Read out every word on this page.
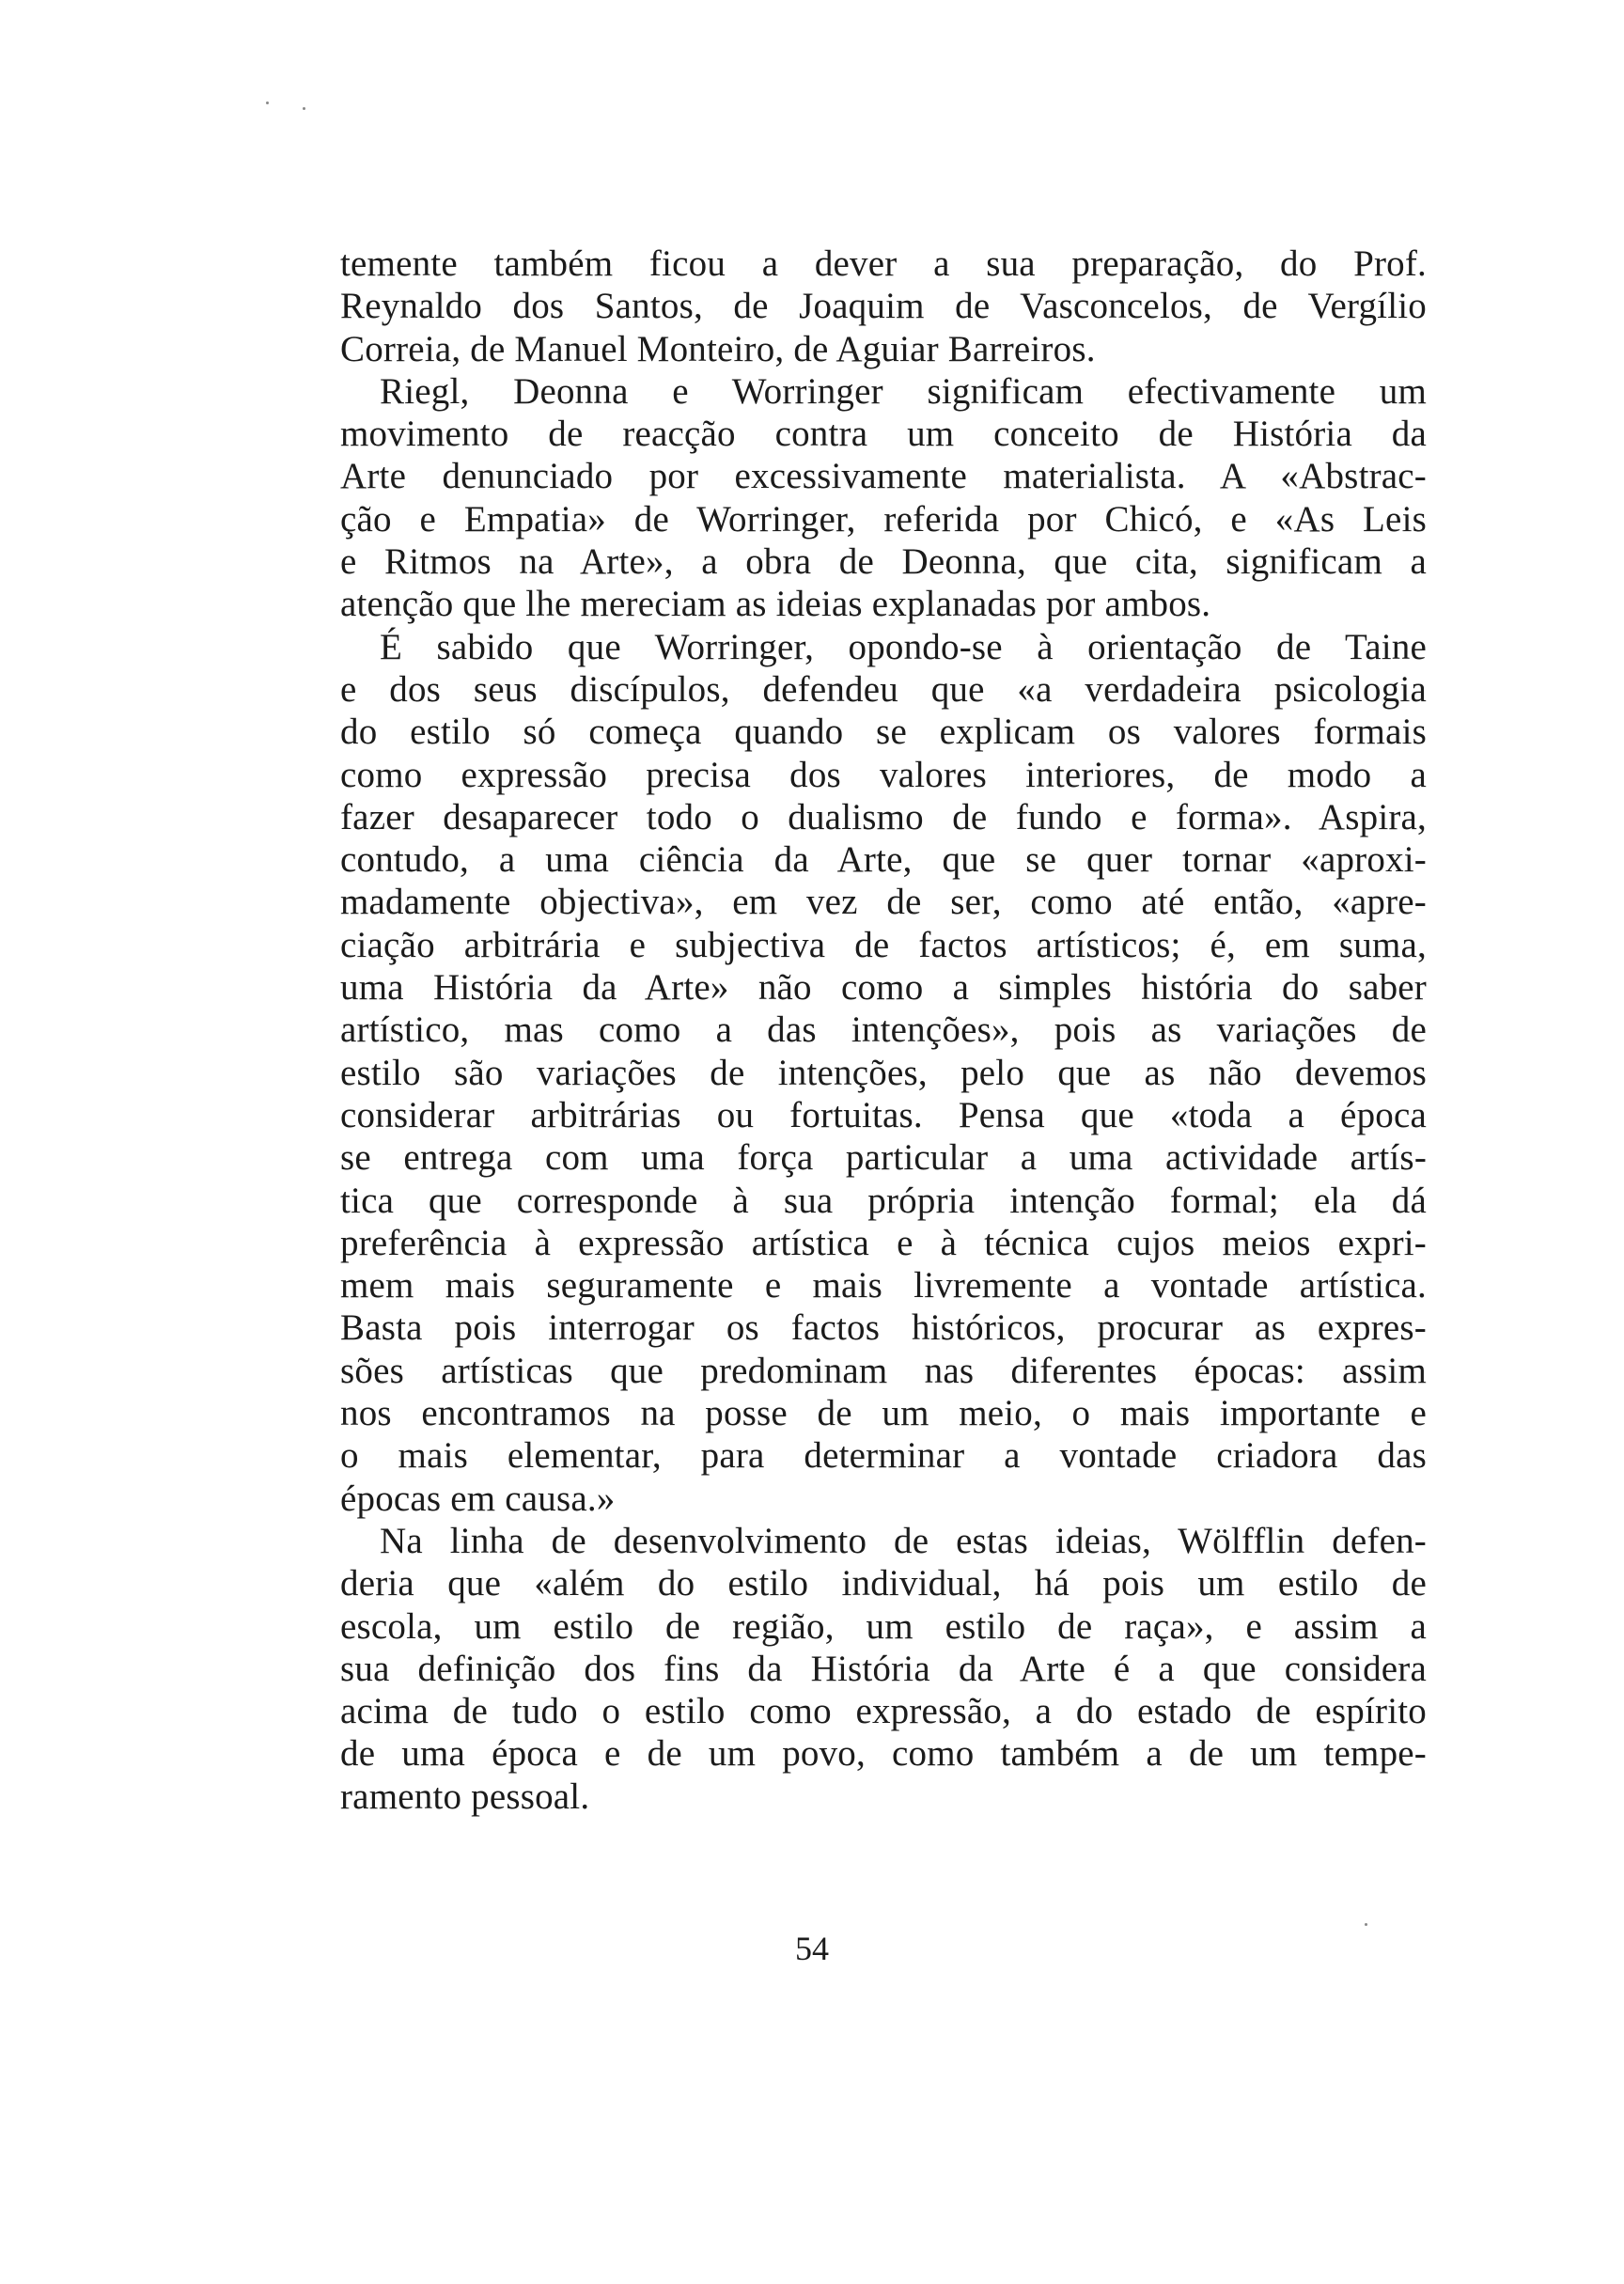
temente também ficou a dever a sua preparação, do Prof.
Reynaldo dos Santos, de Joaquim de Vasconcelos, de Vergílio
Correia, de Manuel Monteiro, de Aguiar Barreiros.
Riegl, Deonna e Worringer significam efectivamente um
movimento de reacção contra um conceito de História da
Arte denunciado por excessivamente materialista. A «Abstrac-
ção e Empatia» de Worringer, referida por Chicó, e «As Leis
e Ritmos na Arte», a obra de Deonna, que cita, significam a
atenção que lhe mereciam as ideias explanadas por ambos.
É sabido que Worringer, opondo-se à orientação de Taine
e dos seus discípulos, defendeu que «a verdadeira psicologia
do estilo só começa quando se explicam os valores formais
como expressão precisa dos valores interiores, de modo a
fazer desaparecer todo o dualismo de fundo e forma». Aspira,
contudo, a uma ciência da Arte, que se quer tornar «aproxi-
madamente objectiva», em vez de ser, como até então, «apre-
ciação arbitrária e subjectiva de factos artísticos; é, em suma,
uma História da Arte» não como a simples história do saber
artístico, mas como a das intenções», pois as variações de
estilo são variações de intenções, pelo que as não devemos
considerar arbitrárias ou fortuitas. Pensa que «toda a época
se entrega com uma força particular a uma actividade artís-
tica que corresponde à sua própria intenção formal; ela dá
preferência à expressão artística e à técnica cujos meios expri-
mem mais seguramente e mais livremente a vontade artística.
Basta pois interrogar os factos históricos, procurar as expres-
sões artísticas que predominam nas diferentes épocas: assim
nos encontramos na posse de um meio, o mais importante e
o mais elementar, para determinar a vontade criadora das
épocas em causa.»
Na linha de desenvolvimento de estas ideias, Wölfflin defen-
deria que «além do estilo individual, há pois um estilo de
escola, um estilo de região, um estilo de raça», e assim a
sua definição dos fins da História da Arte é a que considera
acima de tudo o estilo como expressão, a do estado de espírito
de uma época e de um povo, como também a de um tempe-
ramento pessoal.
54
